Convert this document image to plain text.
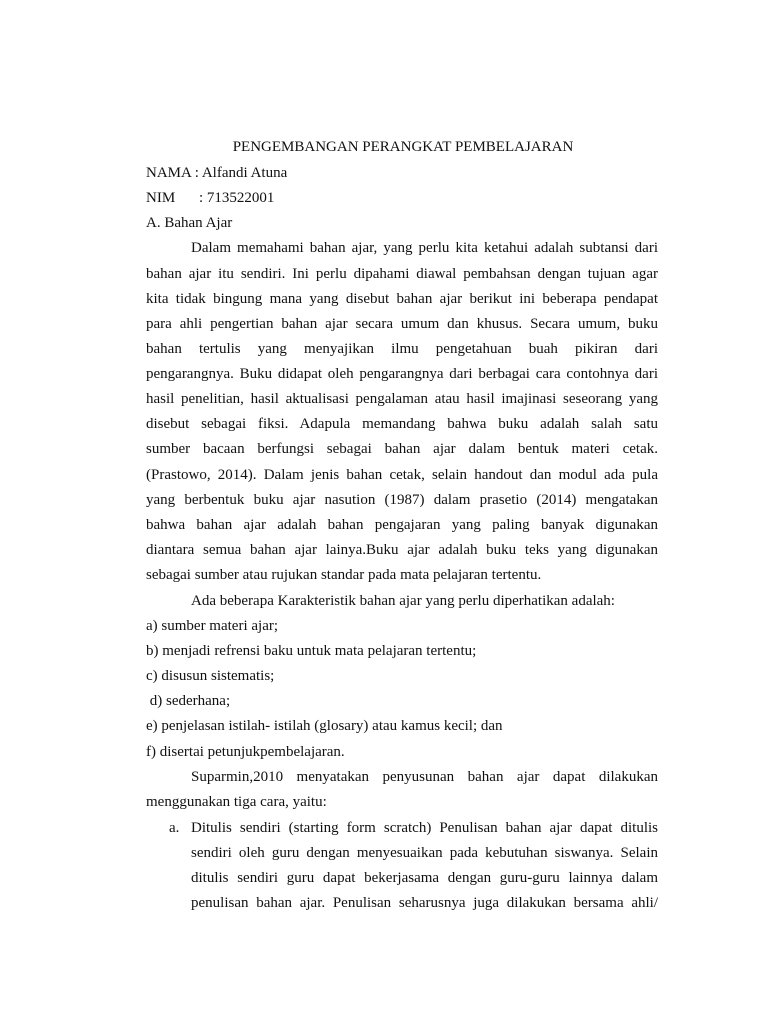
PENGEMBANGAN PERANGKAT PEMBELAJARAN
NAMA : Alfandi Atuna
NIM : 713522001
A. Bahan Ajar
Dalam memahami bahan ajar, yang perlu kita ketahui adalah subtansi dari
bahan ajar itu sendiri. Ini perlu dipahami diawal pembahsan dengan tujuan agar
kita tidak bingung mana yang disebut bahan ajar berikut ini beberapa pendapat
para ahli pengertian bahan ajar secara umum dan khusus. Secara umum, buku
bahan tertulis yang menyajikan ilmu pengetahuan buah pikiran dari
pengarangnya. Buku didapat oleh pengarangnya dari berbagai cara contohnya dari
hasil penelitian, hasil aktualisasi pengalaman atau hasil imajinasi seseorang yang
disebut sebagai fiksi. Adapula memandang bahwa buku adalah salah satu
sumber bacaan berfungsi sebagai bahan ajar dalam bentuk materi cetak.
(Prastowo, 2014). Dalam jenis bahan cetak, selain handout dan modul ada pula
yang berbentuk buku ajar nasution (1987) dalam prasetio (2014) mengatakan
bahwa bahan ajar adalah bahan pengajaran yang paling banyak digunakan
diantara semua bahan ajar lainya.Buku ajar adalah buku teks yang digunakan
sebagai sumber atau rujukan standar pada mata pelajaran tertentu.
Ada beberapa Karakteristik bahan ajar yang perlu diperhatikan adalah:
a) sumber materi ajar;
b) menjadi refrensi baku untuk mata pelajaran tertentu;
c) disusun sistematis;
d) sederhana;
e) penjelasan istilah- istilah (glosary) atau kamus kecil; dan
f) disertai petunjukpembelajaran.
Suparmin,2010 menyatakan penyusunan bahan ajar dapat dilakukan
menggunakan tiga cara, yaitu:
a. Ditulis sendiri (starting form scratch) Penulisan bahan ajar dapat ditulis
sendiri oleh guru dengan menyesuaikan pada kebutuhan siswanya. Selain
ditulis sendiri guru dapat bekerjasama dengan guru-guru lainnya dalam
penulisan bahan ajar. Penulisan seharusnya juga dilakukan bersama ahli/
